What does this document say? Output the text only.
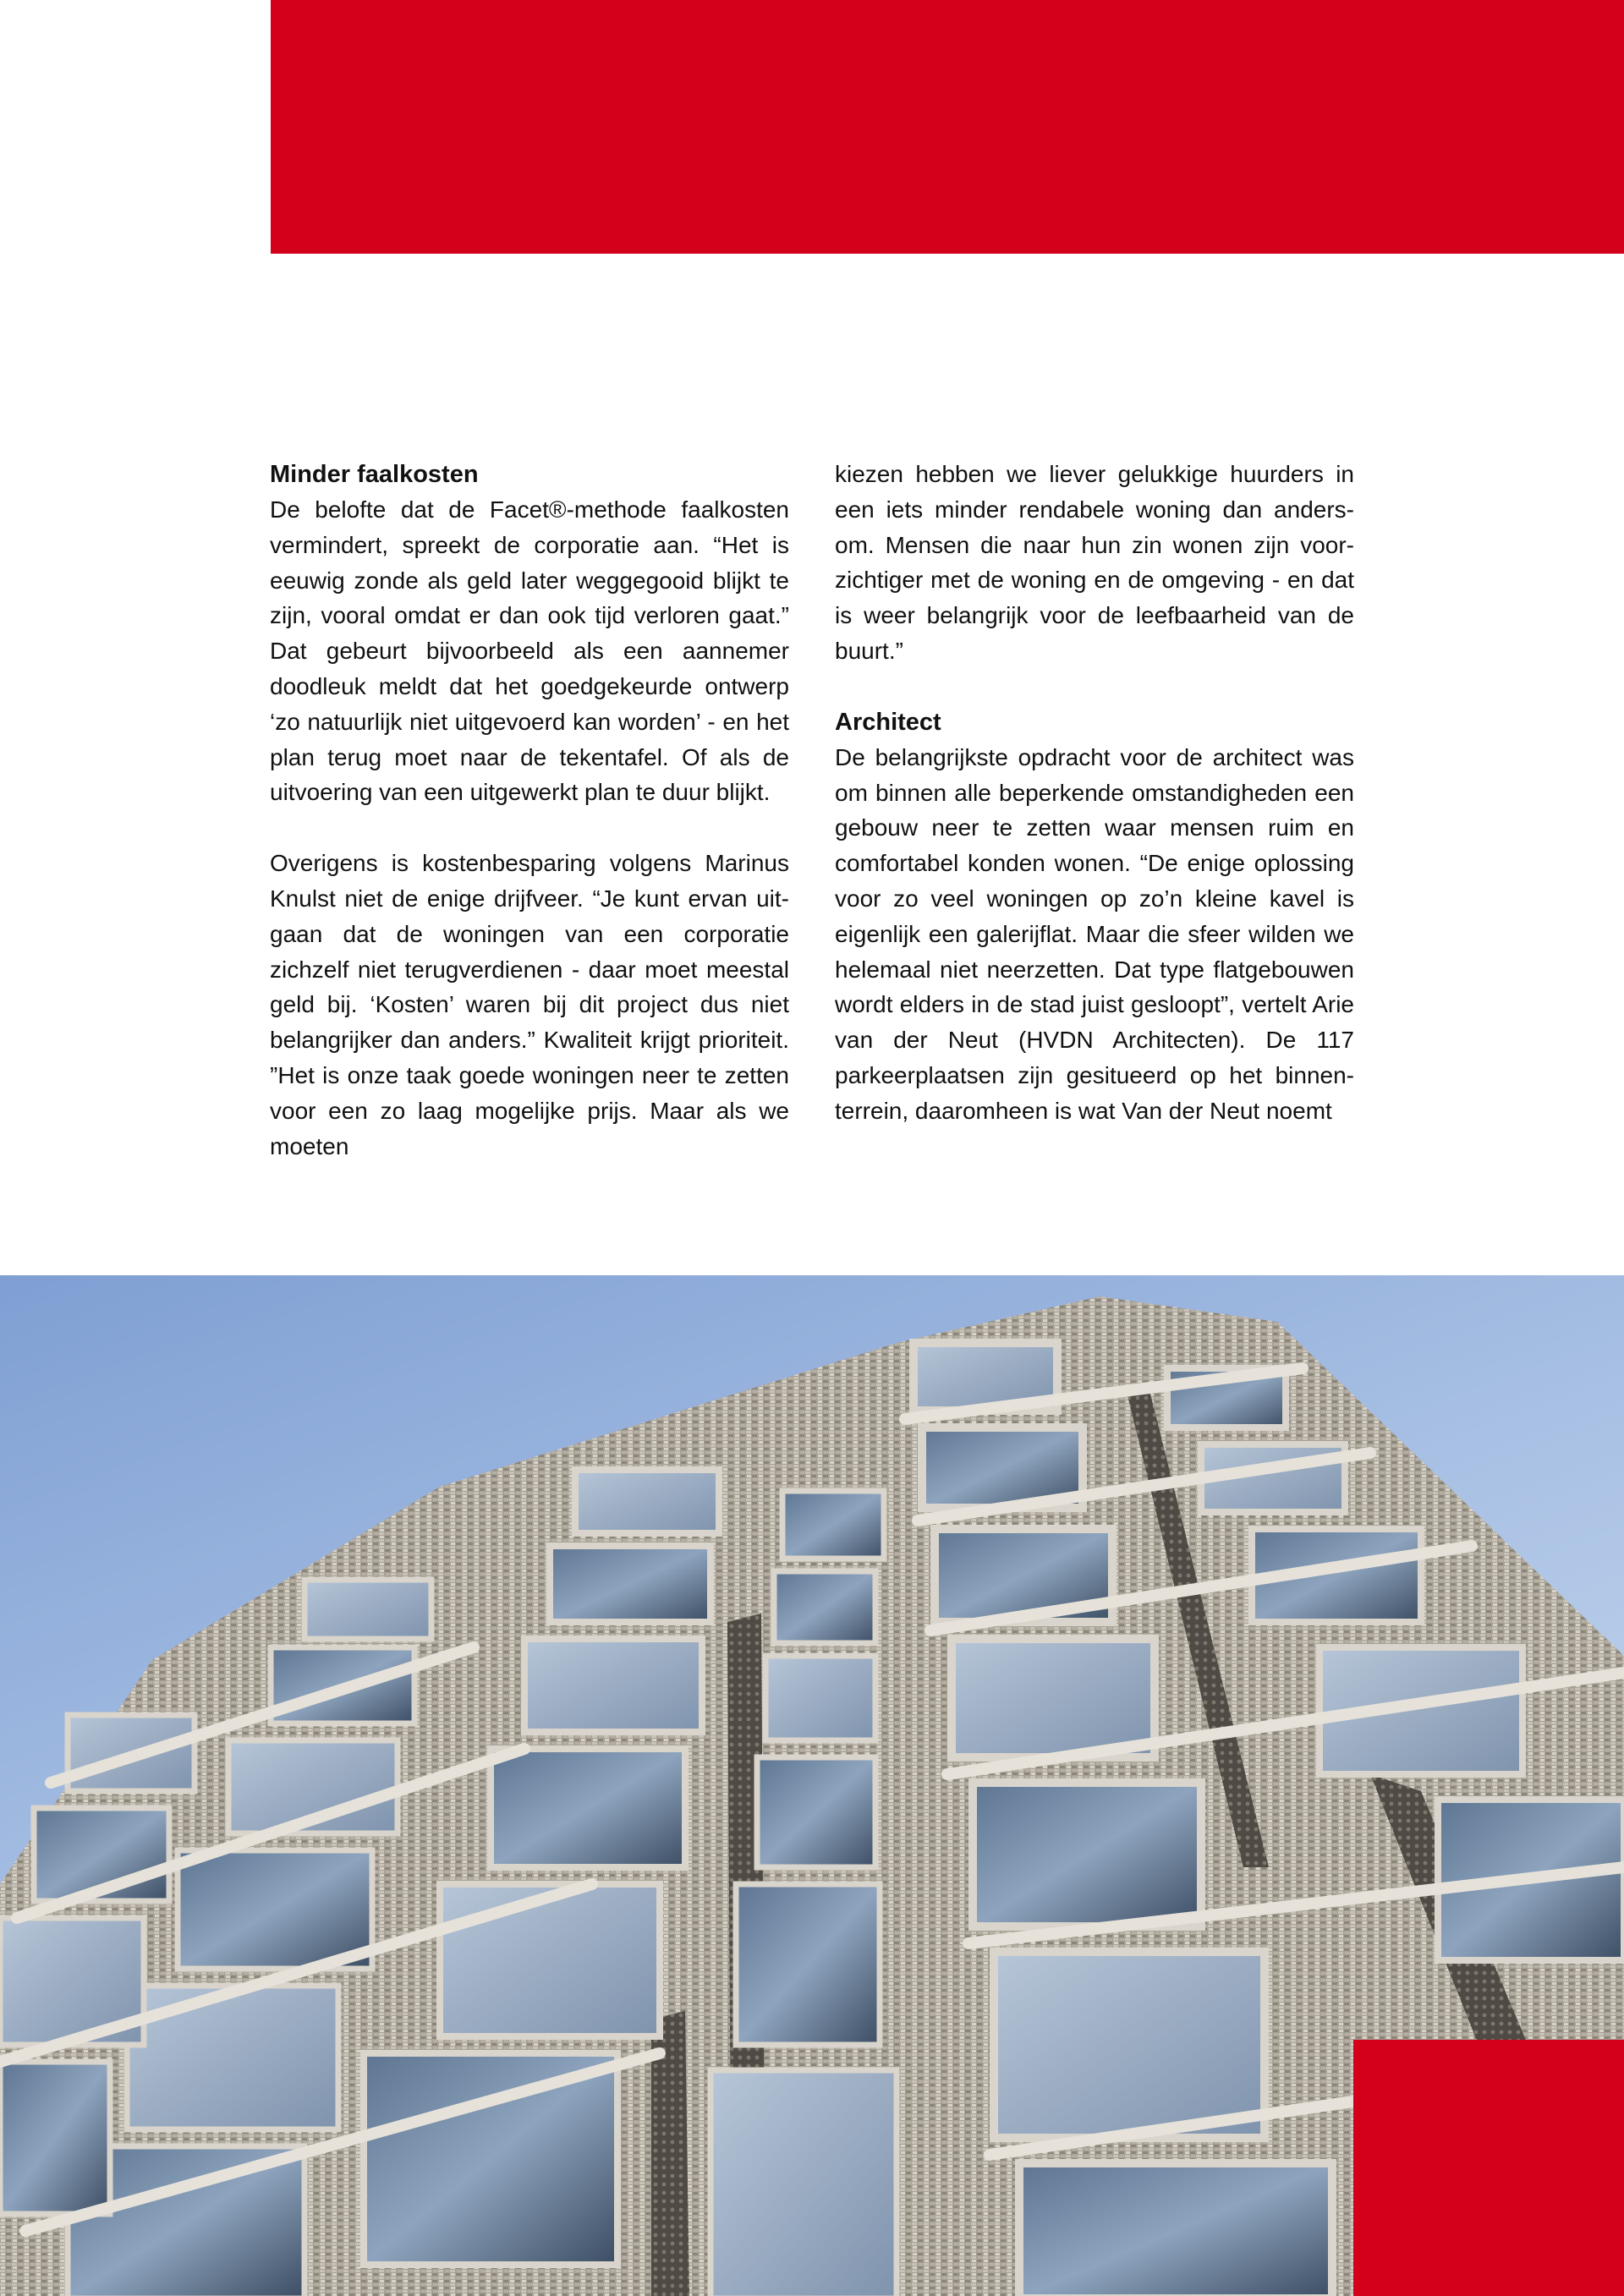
Minder faalkosten

De belofte dat de Facet®-methode faalkosten vermindert, spreekt de corporatie aan. “Het is eeuwig zonde als geld later weggegooid blijkt te zijn, vooral omdat er dan ook tijd verloren gaat.” Dat gebeurt bijvoorbeeld als een aannemer doodleuk meldt dat het goedgekeurde ontwerp ‘zo natuurlijk niet uitgevoerd kan worden’ - en het plan terug moet naar de tekentafel. Of als de uitvoering van een uitgewerkt plan te duur blijkt.

Overigens is kostenbesparing volgens Marinus Knulst niet de enige drijfveer. “Je kunt ervan uitgaan dat de woningen van een corporatie zichzelf niet terugverdienen - daar moet meestal geld bij. ‘Kosten’ waren bij dit project dus niet belangrijker dan anders.” Kwaliteit krijgt prioriteit. ”Het is onze taak goede woningen neer te zetten voor een zo laag mogelijke prijs. Maar als we moeten

kiezen hebben we liever gelukkige huurders in een iets minder rendabele woning dan andersom. Mensen die naar hun zin wonen zijn voorzichtiger met de woning en de omgeving - en dat is weer belangrijk voor de leefbaarheid van de buurt.”

Architect

De belangrijkste opdracht voor de architect was om binnen alle beperkende omstandigheden een gebouw neer te zetten waar mensen ruim en comfortabel konden wonen. “De enige oplossing voor zo veel woningen op zo’n kleine kavel is eigenlijk een galerijflat. Maar die sfeer wilden we helemaal niet neerzetten. Dat type flatgebouwen wordt elders in de stad juist gesloopt”, vertelt Arie van der Neut (HVDN Architecten). De 117 parkeerplaatsen zijn gesitueerd op het binnenterrein, daaromheen is wat Van der Neut noemt
